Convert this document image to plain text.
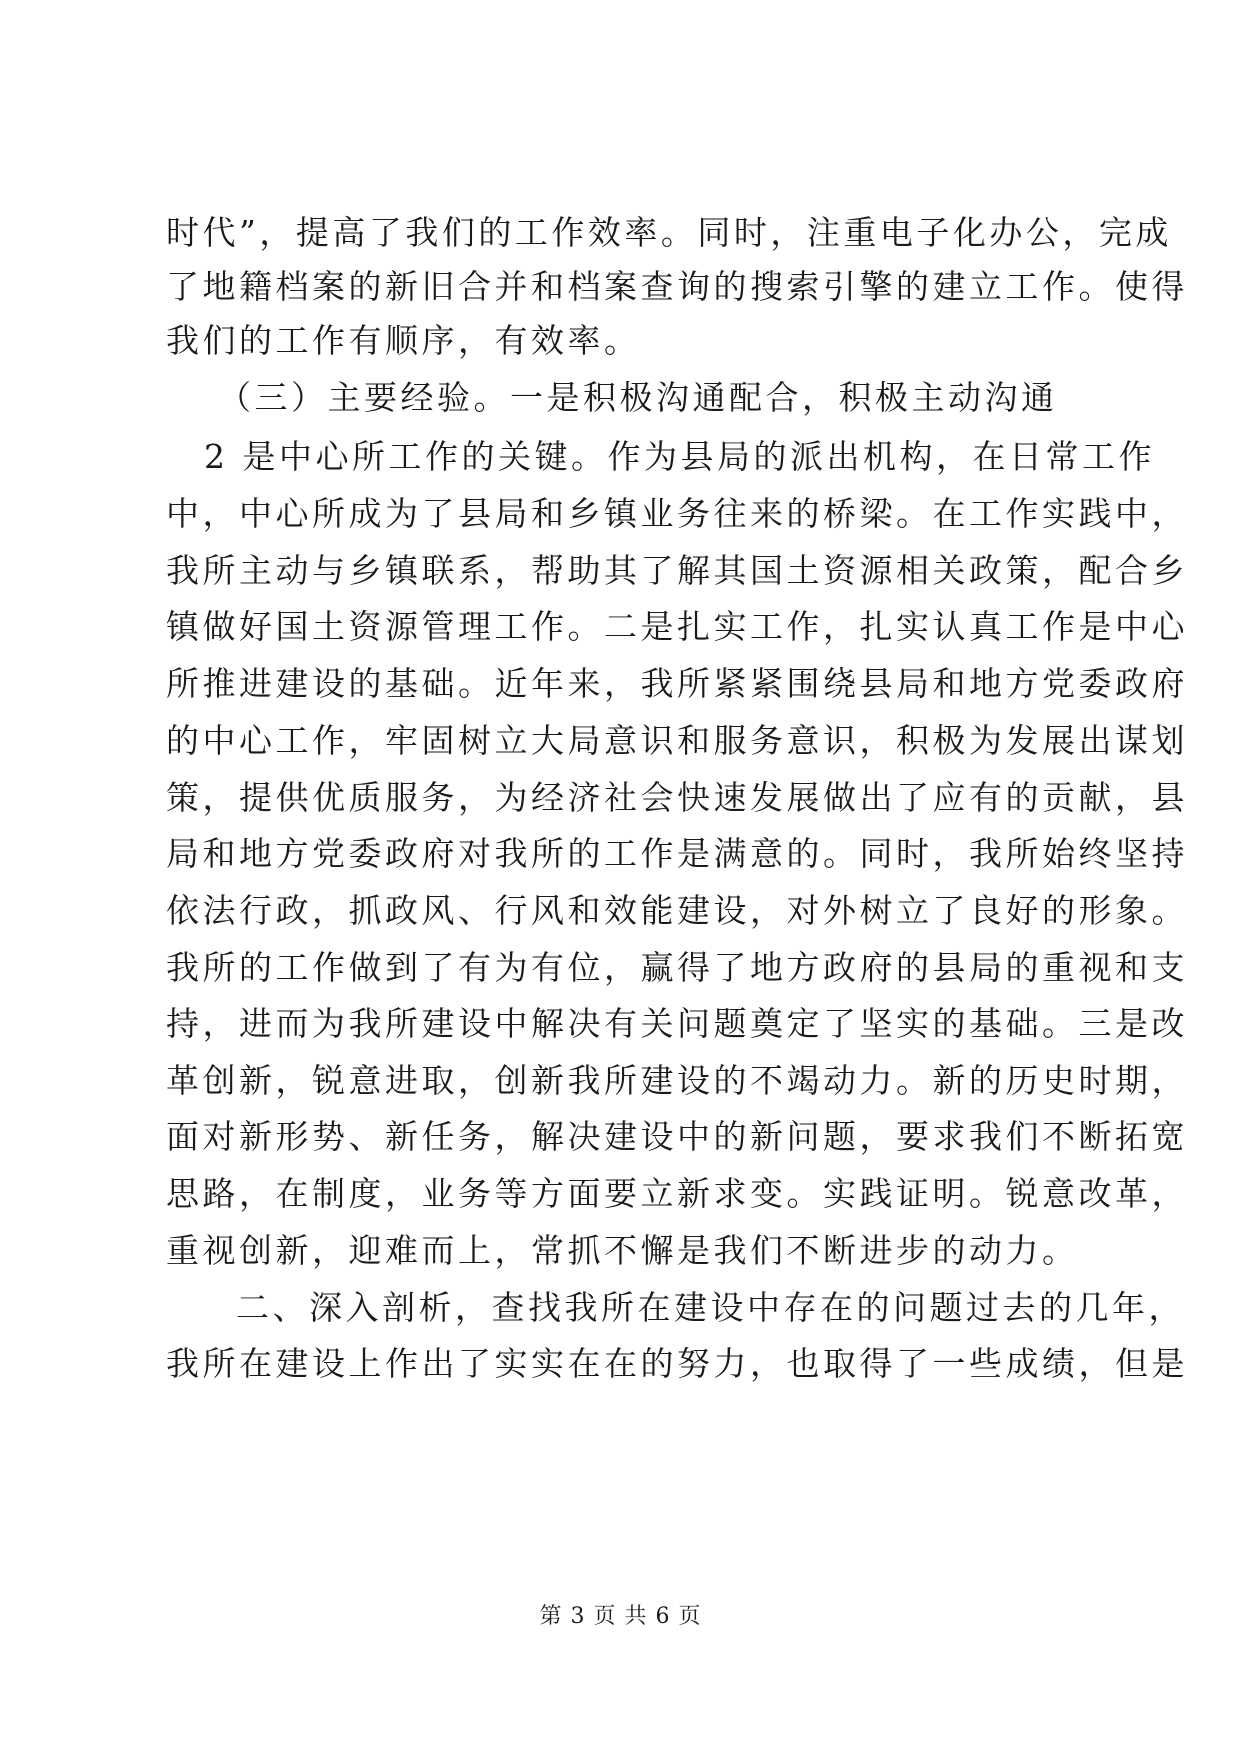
时代”，提高了我们的工作效率。同时，注重电子化办公，完成
了地籍档案的新旧合并和档案查询的搜索引擎的建立工作。使得
我们的工作有顺序，有效率。
（三）主要经验。一是积极沟通配合，积极主动沟通
2 是中心所工作的关键。作为县局的派出机构，在日常工作
中，中心所成为了县局和乡镇业务往来的桥梁。在工作实践中，
我所主动与乡镇联系，帮助其了解其国土资源相关政策，配合乡
镇做好国土资源管理工作。二是扎实工作，扎实认真工作是中心
所推进建设的基础。近年来，我所紧紧围绕县局和地方党委政府
的中心工作，牢固树立大局意识和服务意识，积极为发展出谋划
策，提供优质服务，为经济社会快速发展做出了应有的贡献，县
局和地方党委政府对我所的工作是满意的。同时，我所始终坚持
依法行政，抓政风、行风和效能建设，对外树立了良好的形象。
我所的工作做到了有为有位，赢得了地方政府的县局的重视和支
持，进而为我所建设中解决有关问题奠定了坚实的基础。三是改
革创新，锐意进取，创新我所建设的不竭动力。新的历史时期，
面对新形势、新任务，解决建设中的新问题，要求我们不断拓宽
思路，在制度，业务等方面要立新求变。实践证明。锐意改革，
重视创新，迎难而上，常抓不懈是我们不断进步的动力。
二、深入剖析，查找我所在建设中存在的问题过去的几年，
我所在建设上作出了实实在在的努力，也取得了一些成绩，但是
第 3 页 共 6 页
